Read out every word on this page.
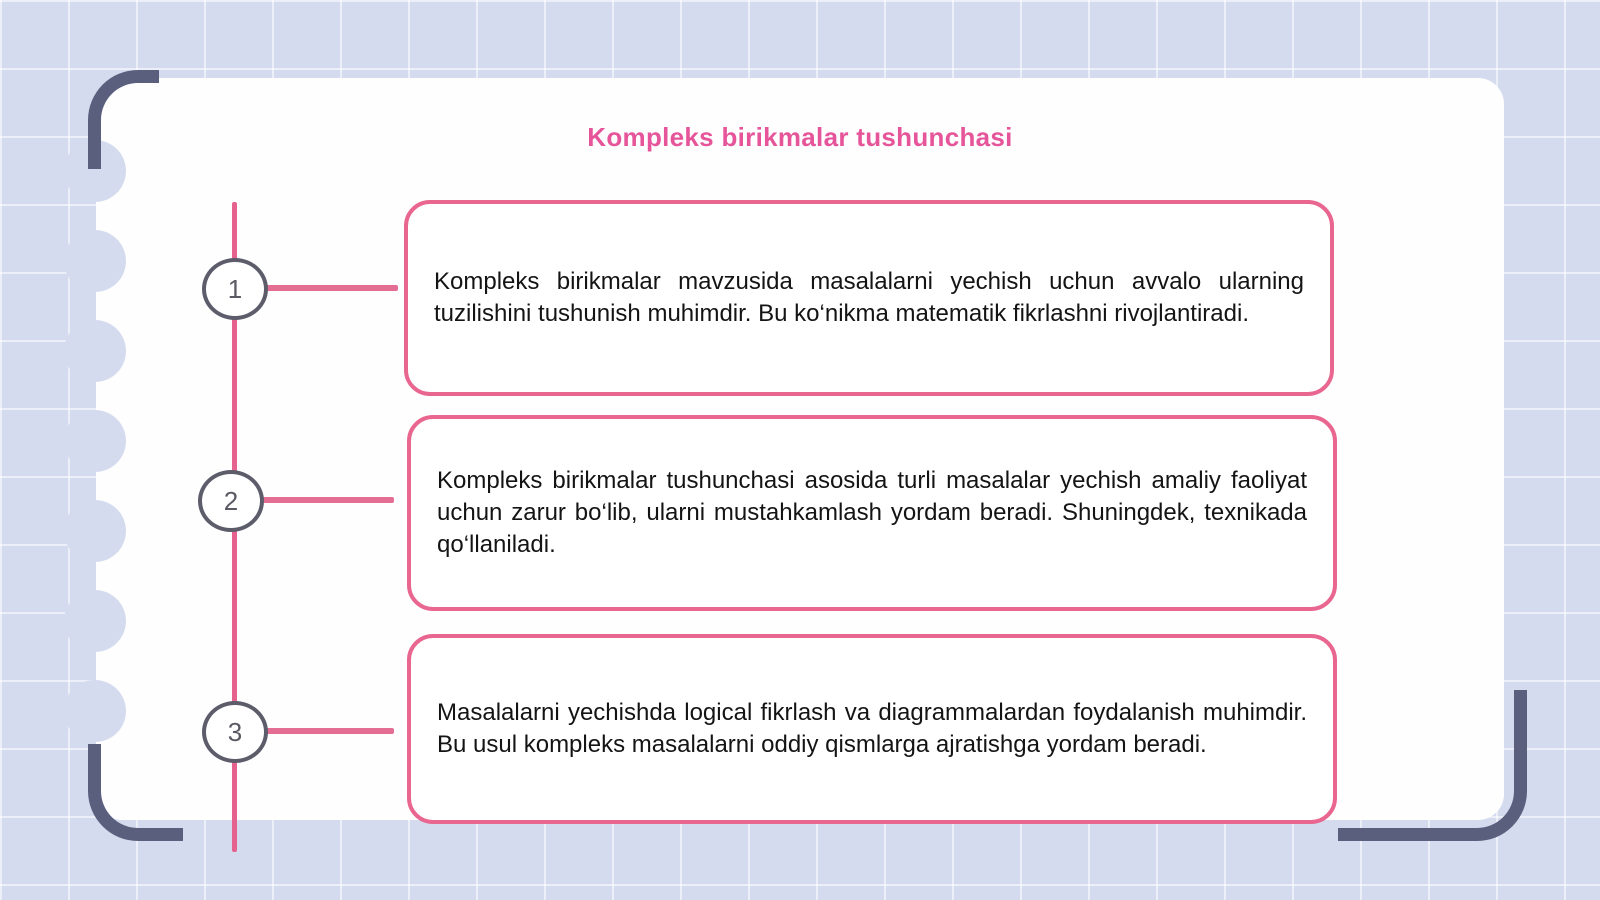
Kompleks birikmalar tushunchasi
1
2
3

Kompleks birikmalar mavzusida masalalarni yechish uchun avvalo ularning tuzilishini tushunish muhimdir. Bu ko‘nikma matematik fikrlashni rivojlantiradi.

Kompleks birikmalar tushunchasi asosida turli masalalar yechish amaliy faoliyat uchun zarur bo‘lib, ularni mustahkamlash yordam beradi. Shuningdek, texnikada qo‘llaniladi.

Masalalarni yechishda logical fikrlash va diagrammalardan foydalanish muhimdir. Bu usul kompleks masalalarni oddiy qismlarga ajratishga yordam beradi.
